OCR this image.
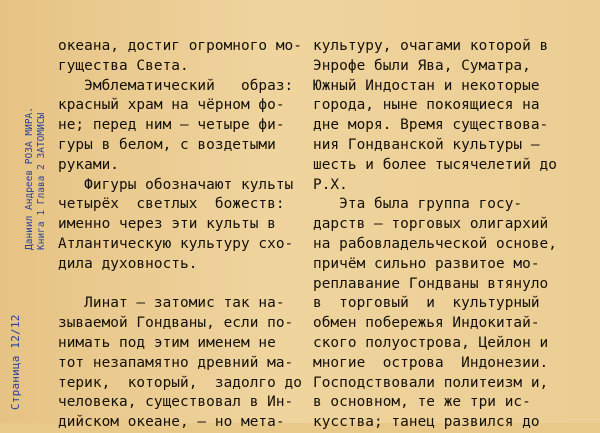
Страница 12/12
Даниил Андреев РОЗА МИРА. Книга 1 Глава 2 ЗАТОМИСЫ
океана, достиг огромного мо-
гущества Света.
Эмблематический   образ:
красный храм на чёрном фо-
не; перед ним – четыре фи-
гуры в белом, с воздетыми
руками.
Фигуры обозначают культы
четырёх  светлых  божеств:
именно через эти культы в
Атлантическую культуру схо-
дила духовность.
Линат – затомис так на-
зываемой Гондваны, если по-
нимать под этим именем не
тот незапамятно древний ма-
терик,  который,  задолго до
человека, существовал в Ин-
дийском океане, – но мета-
культуру, очагами которой в
Энрофе были Ява, Суматра,
Южный Индостан и некоторые
города, ныне покоящиеся на
дне моря. Время существова-
ния Гондванской культуры –
шесть и более тысячелетий до
Р.Х.
Эта была группа госу-
дарств – торговых олигархий
на рабовладельческой основе,
причём сильно развитое мо-
реплавание Гондваны втянуло
в  торговый  и  культурный
обмен побережья Индокитай-
ского полуострова, Цейлон и
многие  острова  Индонезии.
Господствовали политеизм и,
в основном, те же три ис-
кусства; танец развился до
